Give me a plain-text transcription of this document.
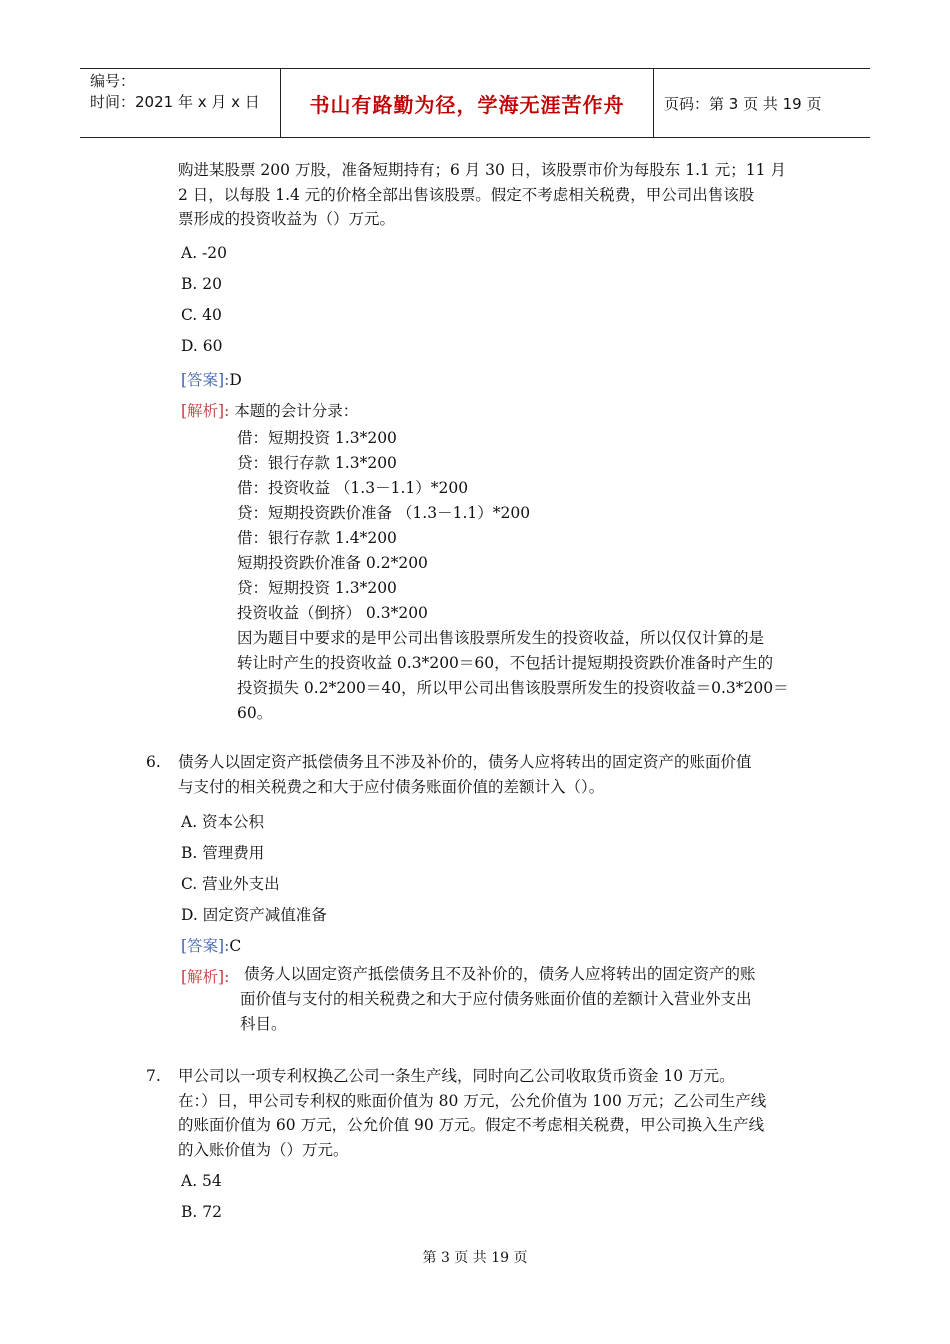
编号：
时间：2021 年 x 月 x 日	书山有路勤为径，学海无涯苦作舟	页码：第 3 页 共 19 页
购进某股票 200 万股，准备短期持有；6 月 30 日，该股票市价为每股东 1.1 元；11 月
2 日，以每股 1.4 元的价格全部出售该股票。假定不考虑相关税费，甲公司出售该股
票形成的投资收益为（）万元。
A. -20
B. 20
C. 40
D. 60
[答案]:D
[解析]: 本题的会计分录：
借：短期投资 1.3*200
贷：银行存款 1.3*200
借：投资收益 （1.3－1.1）*200
贷：短期投资跌价准备 （1.3－1.1）*200
借：银行存款 1.4*200
短期投资跌价准备 0.2*200
贷：短期投资 1.3*200
投资收益（倒挤） 0.3*200
因为题目中要求的是甲公司出售该股票所发生的投资收益，所以仅仅计算的是
转让时产生的投资收益 0.3*200＝60，不包括计提短期投资跌价准备时产生的
投资损失 0.2*200＝40，所以甲公司出售该股票所发生的投资收益＝0.3*200＝
60。
6. 债务人以固定资产抵偿债务且不涉及补价的，债务人应将转出的固定资产的账面价值
与支付的相关税费之和大于应付债务账面价值的差额计入（）。
A. 资本公积
B. 管理费用
C. 营业外支出
D. 固定资产减值准备
[答案]:C
[解析]: 债务人以固定资产抵偿债务且不及补价的，债务人应将转出的固定资产的账
面价值与支付的相关税费之和大于应付债务账面价值的差额计入营业外支出
科目。
7. 甲公司以一项专利权换乙公司一条生产线，同时向乙公司收取货币资金 10 万元。
在：）日，甲公司专利权的账面价值为 80 万元，公允价值为 100 万元；乙公司生产线
的账面价值为 60 万元，公允价值 90 万元。假定不考虑相关税费，甲公司换入生产线
的入账价值为（）万元。
A. 54
B. 72
第 3 页 共 19 页
